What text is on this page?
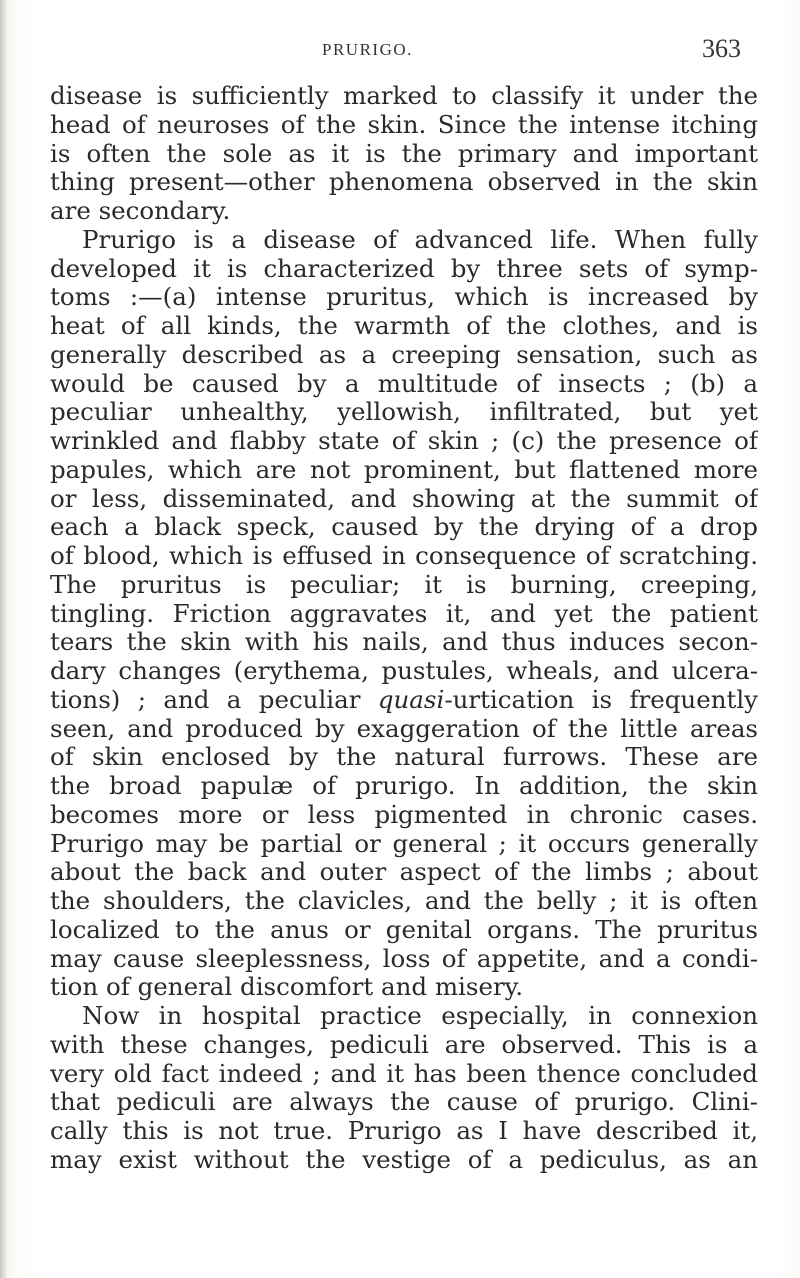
PRURIGO.	363
disease is sufficiently marked to classify it under the
head of neuroses of the skin. Since the intense itching
is often the sole as it is the primary and important
thing present—other phenomena observed in the skin
are secondary.
Prurigo is a disease of advanced life. When fully
developed it is characterized by three sets of symp-
toms :—(a) intense pruritus, which is increased by
heat of all kinds, the warmth of the clothes, and is
generally described as a creeping sensation, such as
would be caused by a multitude of insects ; (b) a
peculiar unhealthy, yellowish, infiltrated, but yet
wrinkled and flabby state of skin ; (c) the presence of
papules, which are not prominent, but flattened more
or less, disseminated, and showing at the summit of
each a black speck, caused by the drying of a drop
of blood, which is effused in consequence of scratching.
The pruritus is peculiar; it is burning, creeping,
tingling. Friction aggravates it, and yet the patient
tears the skin with his nails, and thus induces secon-
dary changes (erythema, pustules, wheals, and ulcera-
tions) ; and a peculiar quasi-urtication is frequently
seen, and produced by exaggeration of the little areas
of skin enclosed by the natural furrows. These are
the broad papulæ of prurigo. In addition, the skin
becomes more or less pigmented in chronic cases.
Prurigo may be partial or general ; it occurs generally
about the back and outer aspect of the limbs ; about
the shoulders, the clavicles, and the belly ; it is often
localized to the anus or genital organs. The pruritus
may cause sleeplessness, loss of appetite, and a condi-
tion of general discomfort and misery.
Now in hospital practice especially, in connexion
with these changes, pediculi are observed. This is a
very old fact indeed ; and it has been thence concluded
that pediculi are always the cause of prurigo. Clini-
cally this is not true. Prurigo as I have described it,
may exist without the vestige of a pediculus, as an
